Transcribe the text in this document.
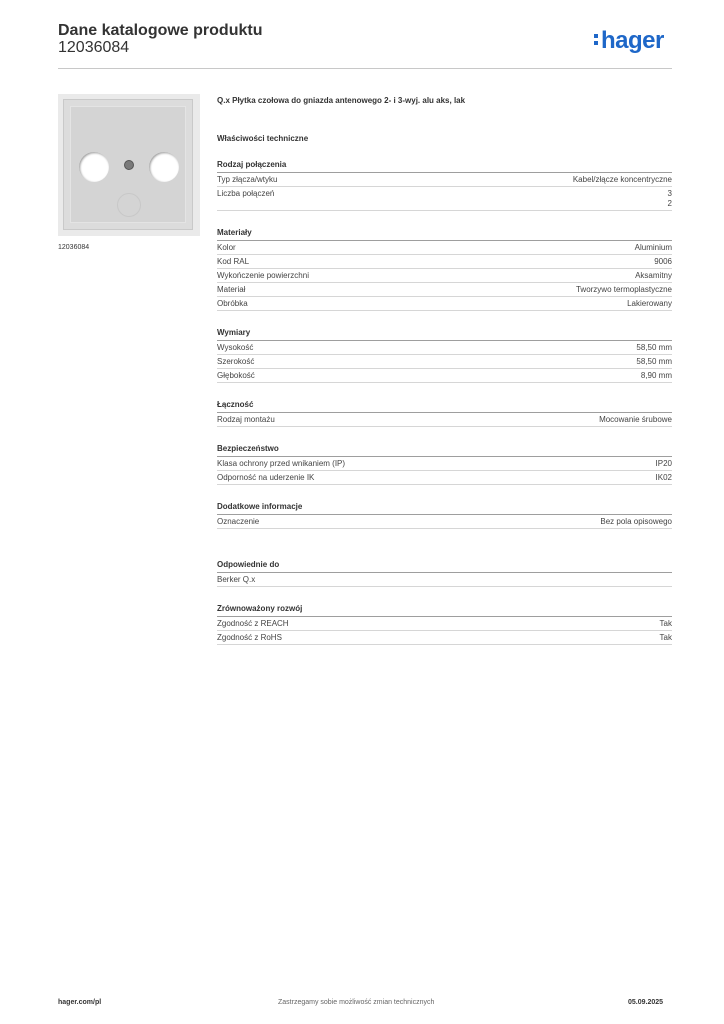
Dane katalogowe produktu
12036084	hager
12036084
Q.x Płytka czołowa do gniazda antenowego 2- i 3-wyj. alu aks, lak
Właściwości techniczne
Rodzaj połączenia
Typ złącza/wtyku	Kabel/złącze koncentryczne
Liczba połączeń	3
2
Materiały
Kolor	Aluminium
Kod RAL	9006
Wykończenie powierzchni	Aksamitny
Materiał	Tworzywo termoplastyczne
Obróbka	Lakierowany
Wymiary
Wysokość	58,50 mm
Szerokość	58,50 mm
Głębokość	8,90 mm
Łączność
Rodzaj montażu	Mocowanie śrubowe
Bezpieczeństwo
Klasa ochrony przed wnikaniem (IP)	IP20
Odporność na uderzenie IK	IK02
Dodatkowe informacje
Oznaczenie	Bez pola opisowego
Odpowiednie do
Berker Q.x
Zrównoważony rozwój
Zgodność z REACH	Tak
Zgodność z RoHS	Tak
hager.com/pl	Zastrzegamy sobie możliwość zmian technicznych	05.09.2025
